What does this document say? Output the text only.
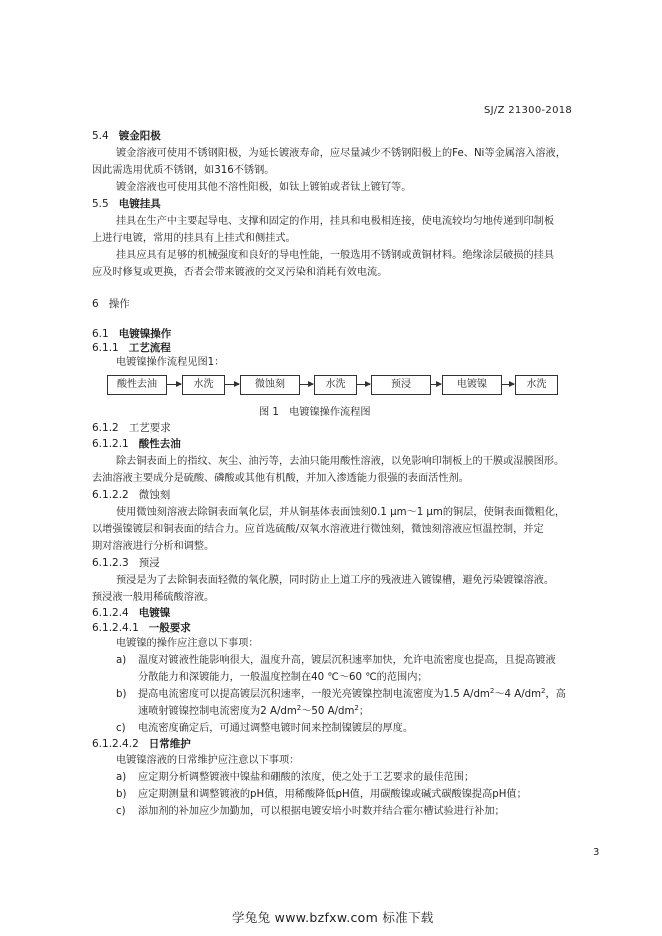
SJ/Z 21300-2018
5.4 镀金阳极
镀金溶液可使用不锈钢阳极，为延长镀液寿命，应尽量减少不锈钢阳极上的Fe、Ni等金属溶入溶液，
因此需选用优质不锈钢，如316不锈钢。
镀金溶液也可使用其他不溶性阳极，如钛上镀铂或者钛上镀钌等。
5.5 电镀挂具
挂具在生产中主要起导电、支撑和固定的作用，挂具和电极相连接，使电流较均匀地传递到印制板
上进行电镀，常用的挂具有上挂式和侧挂式。
挂具应具有足够的机械强度和良好的导电性能，一般选用不锈钢或黄铜材料。绝缘涂层破损的挂具
应及时修复或更换，否者会带来镀液的交叉污染和消耗有效电流。
6 操作
6.1 电镀镍操作
6.1.1 工艺流程
电镀镍操作流程见图1：
酸性去油	水洗	微蚀刻	水洗	预浸	电镀镍	水洗
图 1　电镀镍操作流程图
6.1.2 工艺要求
6.1.2.1 酸性去油
除去铜表面上的指纹、灰尘、油污等，去油只能用酸性溶液，以免影响印制板上的干膜或湿膜图形。
去油溶液主要成分是硫酸、磷酸或其他有机酸，并加入渗透能力很强的表面活性剂。
6.1.2.2 微蚀刻
使用微蚀刻溶液去除铜表面氧化层，并从铜基体表面蚀刻0.1 μm～1 μm的铜层，使铜表面微粗化，
以增强镍镀层和铜表面的结合力。应首选硫酸/双氧水溶液进行微蚀刻，微蚀刻溶液应恒温控制，并定
期对溶液进行分析和调整。
6.1.2.3 预浸
预浸是为了去除铜表面轻微的氧化膜，同时防止上道工序的残液进入镀镍槽，避免污染镀镍溶液。
预浸液一般用稀硫酸溶液。
6.1.2.4 电镀镍
6.1.2.4.1 一般要求
电镀镍的操作应注意以下事项：
a) 温度对镀液性能影响很大，温度升高，镀层沉积速率加快，允许电流密度也提高，且提高镀液
分散能力和深镀能力，一般温度控制在40 ℃～60 ℃的范围内；
b) 提高电流密度可以提高镀层沉积速率，一般光亮镀镍控制电流密度为1.5 $A/dm^2\sim 4$ $A/dm^2$，高
速喷射镀镍控制电流密度为2 $A/dm^2\sim 50$ $A/dm^2$；
c) 电流密度确定后，可通过调整电镀时间来控制镍镀层的厚度。
6.1.2.4.2 日常维护
电镀镍溶液的日常维护应注意以下事项：
a) 应定期分析调整镀液中镍盐和硼酸的浓度，使之处于工艺要求的最佳范围；
b) 应定期测量和调整镀液的pH值，用稀酸降低pH值，用碳酸镍或碱式碳酸镍提高pH值；
c) 添加剂的补加应少加勤加，可以根据电镀安培小时数并结合霍尔槽试验进行补加；
3
学兔兔 www.bzfxw.com 标准下载
